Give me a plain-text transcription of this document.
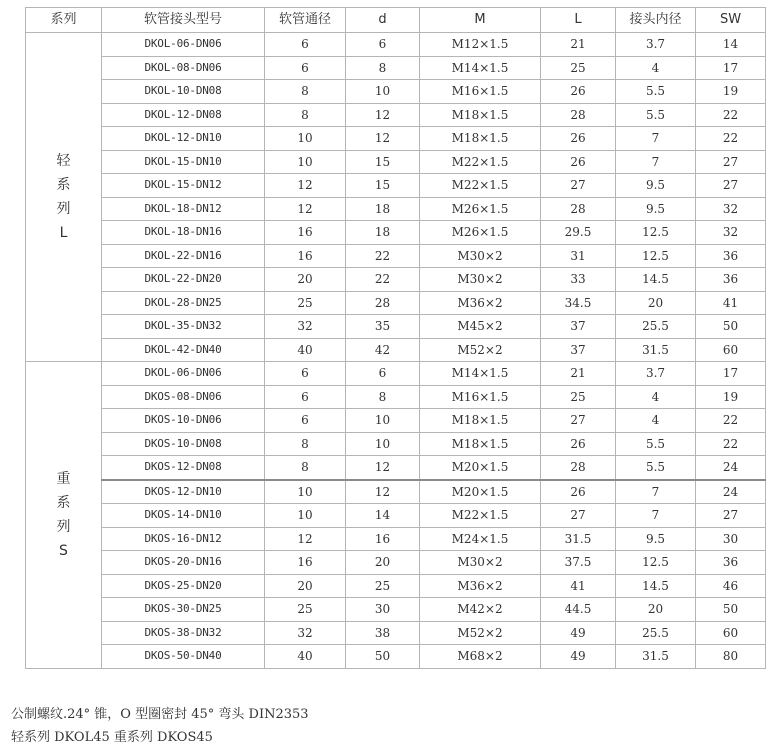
系列	软管接头型号	软管通径	d	M	L	接头内径	SW

轻
系
列
L	DKOL-06-DN06	6	6	M12×1.5	21	3.7	14
	DKOL-08-DN06	6	8	M14×1.5	25	4	17
	DKOL-10-DN08	8	10	M16×1.5	26	5.5	19
	DKOL-12-DN08	8	12	M18×1.5	28	5.5	22
	DKOL-12-DN10	10	12	M18×1.5	26	7	22
	DKOL-15-DN10	10	15	M22×1.5	26	7	27
	DKOL-15-DN12	12	15	M22×1.5	27	9.5	27
	DKOL-18-DN12	12	18	M26×1.5	28	9.5	32
	DKOL-18-DN16	16	18	M26×1.5	29.5	12.5	32
	DKOL-22-DN16	16	22	M30×2	31	12.5	36
	DKOL-22-DN20	20	22	M30×2	33	14.5	36
	DKOL-28-DN25	25	28	M36×2	34.5	20	41
	DKOL-35-DN32	32	35	M45×2	37	25.5	50
	DKOL-42-DN40	40	42	M52×2	37	31.5	60

重
系
列
S	DKOL-06-DN06	6	6	M14×1.5	21	3.7	17
	DKOS-08-DN06	6	8	M16×1.5	25	4	19
	DKOS-10-DN06	6	10	M18×1.5	27	4	22
	DKOS-10-DN08	8	10	M18×1.5	26	5.5	22
	DKOS-12-DN08	8	12	M20×1.5	28	5.5	24
	DKOS-12-DN10	10	12	M20×1.5	26	7	24
	DKOS-14-DN10	10	14	M22×1.5	27	7	27
	DKOS-16-DN12	12	16	M24×1.5	31.5	9.5	30
	DKOS-20-DN16	16	20	M30×2	37.5	12.5	36
	DKOS-25-DN20	20	25	M36×2	41	14.5	46
	DKOS-30-DN25	25	30	M42×2	44.5	20	50
	DKOS-38-DN32	32	38	M52×2	49	25.5	60
	DKOS-50-DN40	40	50	M68×2	49	31.5	80
公制螺纹.24° 锥，O 型圈密封 45° 弯头 DIN2353
轻系列 DKOL45 重系列 DKOS45
